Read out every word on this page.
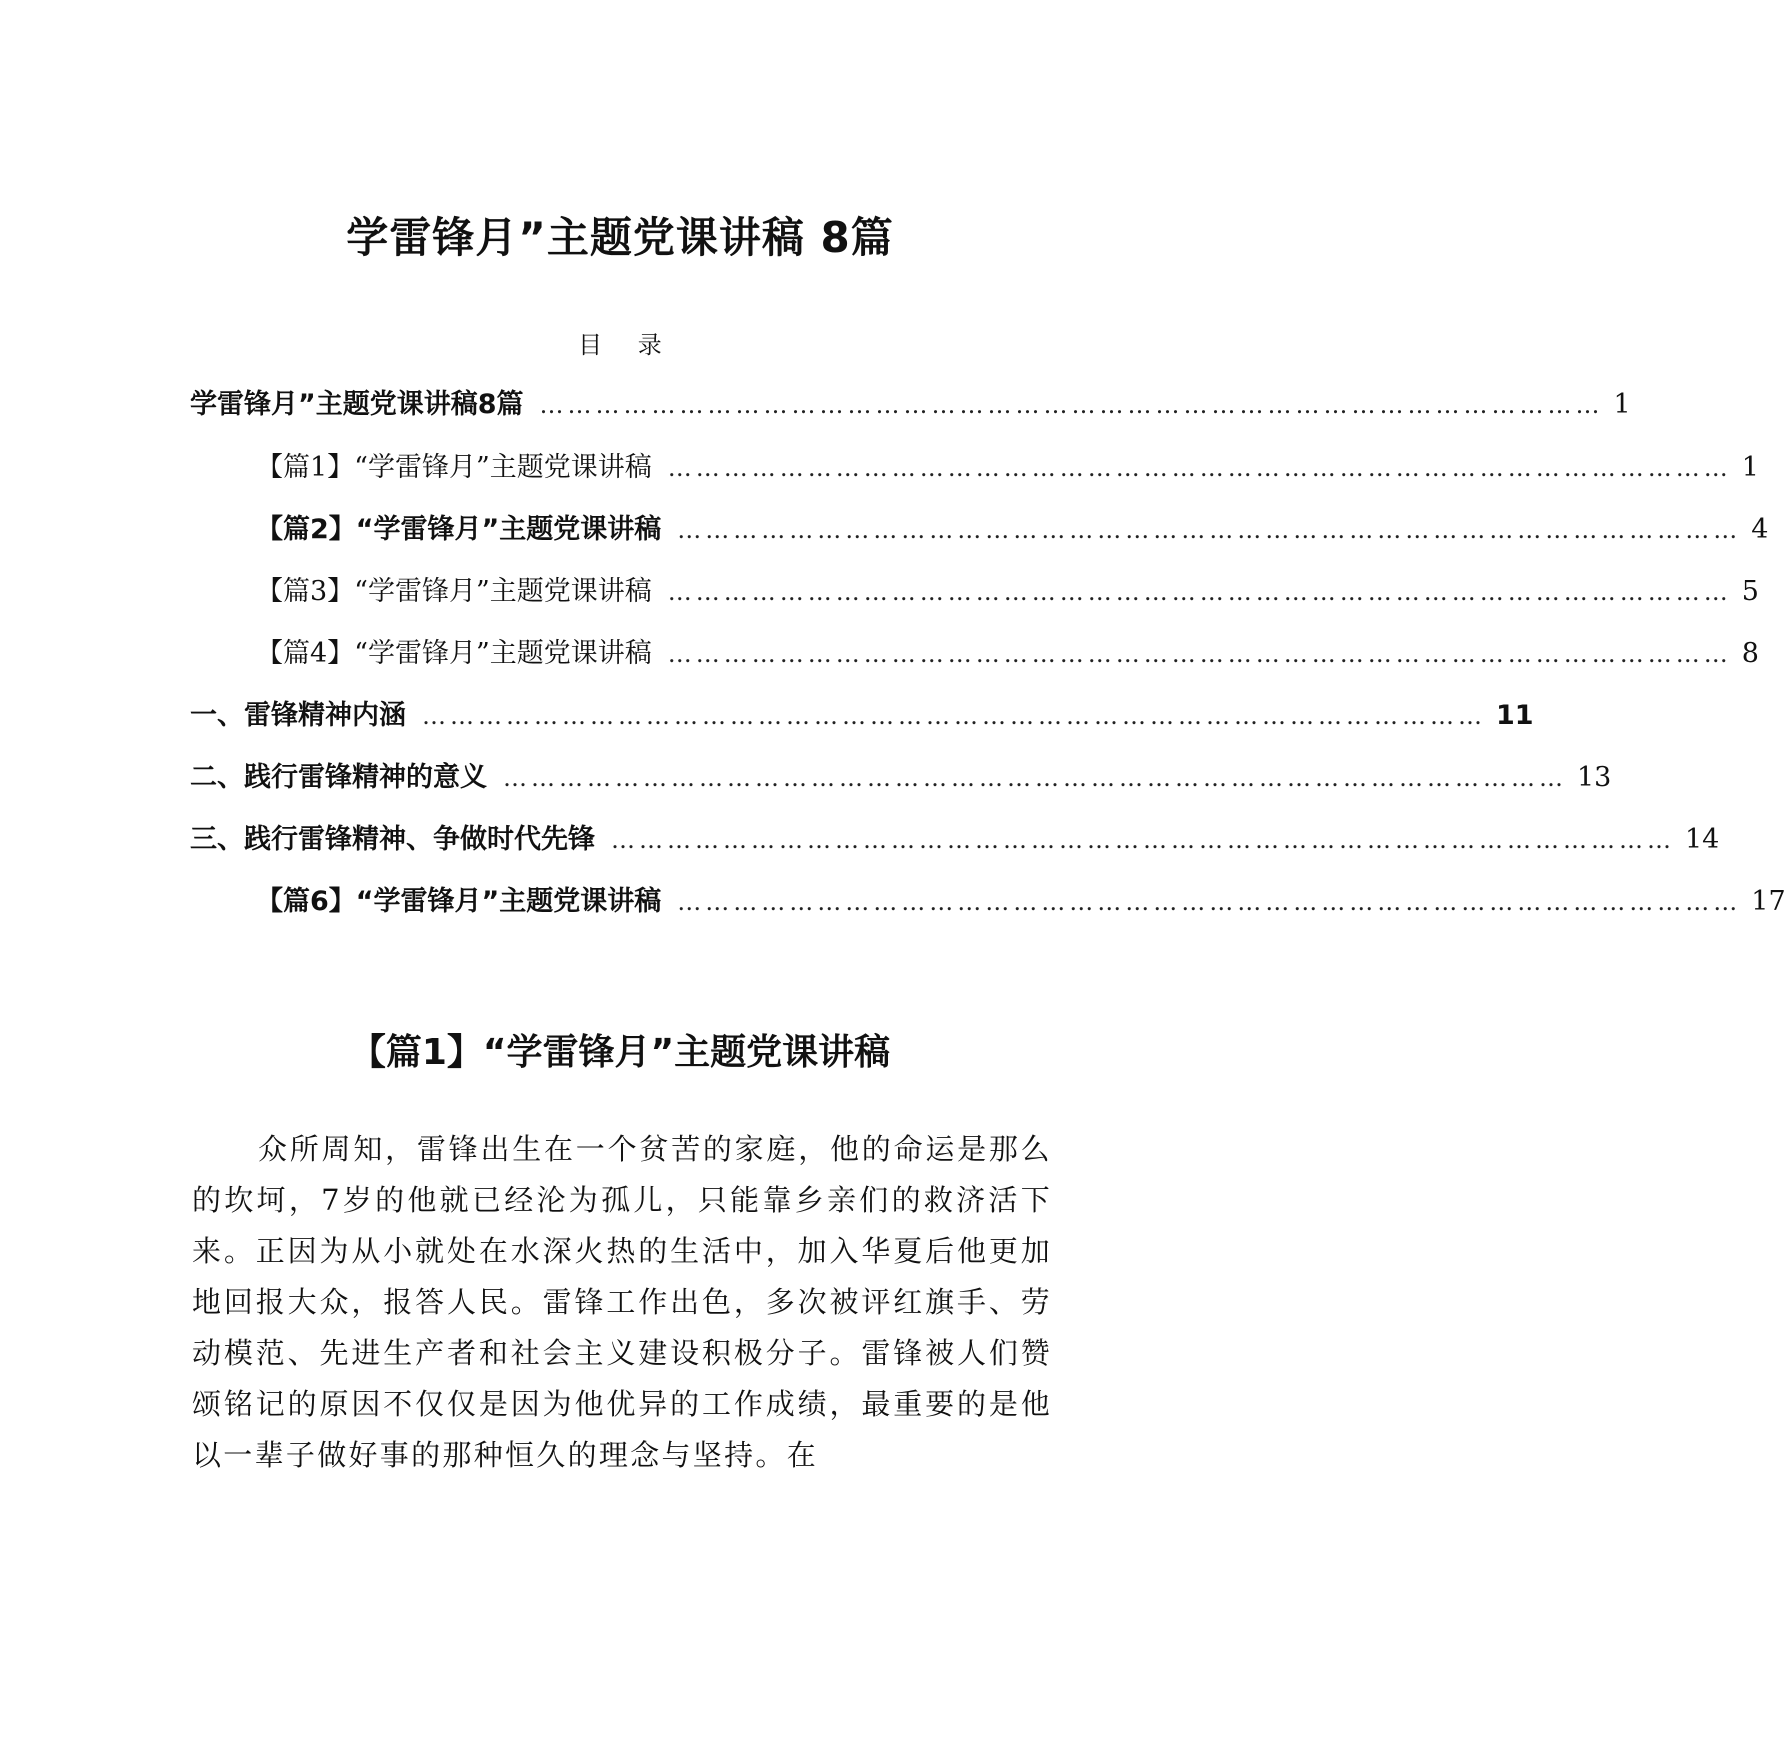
学雷锋月”主题党课讲稿 8篇
目 录
学雷锋月”主题党课讲稿8篇 …………………………………………………………………………………………………… 1
【篇1】“学雷锋月”主题党课讲稿 …………………………………………………………………………………………………… 1
【篇2】“学雷锋月”主题党课讲稿 …………………………………………………………………………………………………… 4
【篇3】“学雷锋月”主题党课讲稿 …………………………………………………………………………………………………… 5
【篇4】“学雷锋月”主题党课讲稿 …………………………………………………………………………………………………… 8
一、雷锋精神内涵 …………………………………………………………………………………………………… 11
二、践行雷锋精神的意义 …………………………………………………………………………………………………… 13
三、践行雷锋精神、争做时代先锋 …………………………………………………………………………………………………… 14
【篇6】“学雷锋月”主题党课讲稿 …………………………………………………………………………………………………… 17
【篇1】“学雷锋月”主题党课讲稿

众所周知，雷锋出生在一个贫苦的家庭，他的命运是那么的坎坷，7岁的他就已经沦为孤儿，只能靠乡亲们的救济活下来。正因为从小就处在水深火热的生活中，加入华夏后他更加地回报大众，报答人民。雷锋工作出色，多次被评红旗手、劳动模范、先进生产者和社会主义建设积极分子。雷锋被人们赞颂铭记的原因不仅仅是因为他优异的工作成绩，最重要的是他以一辈子做好事的那种恒久的理念与坚持。在
